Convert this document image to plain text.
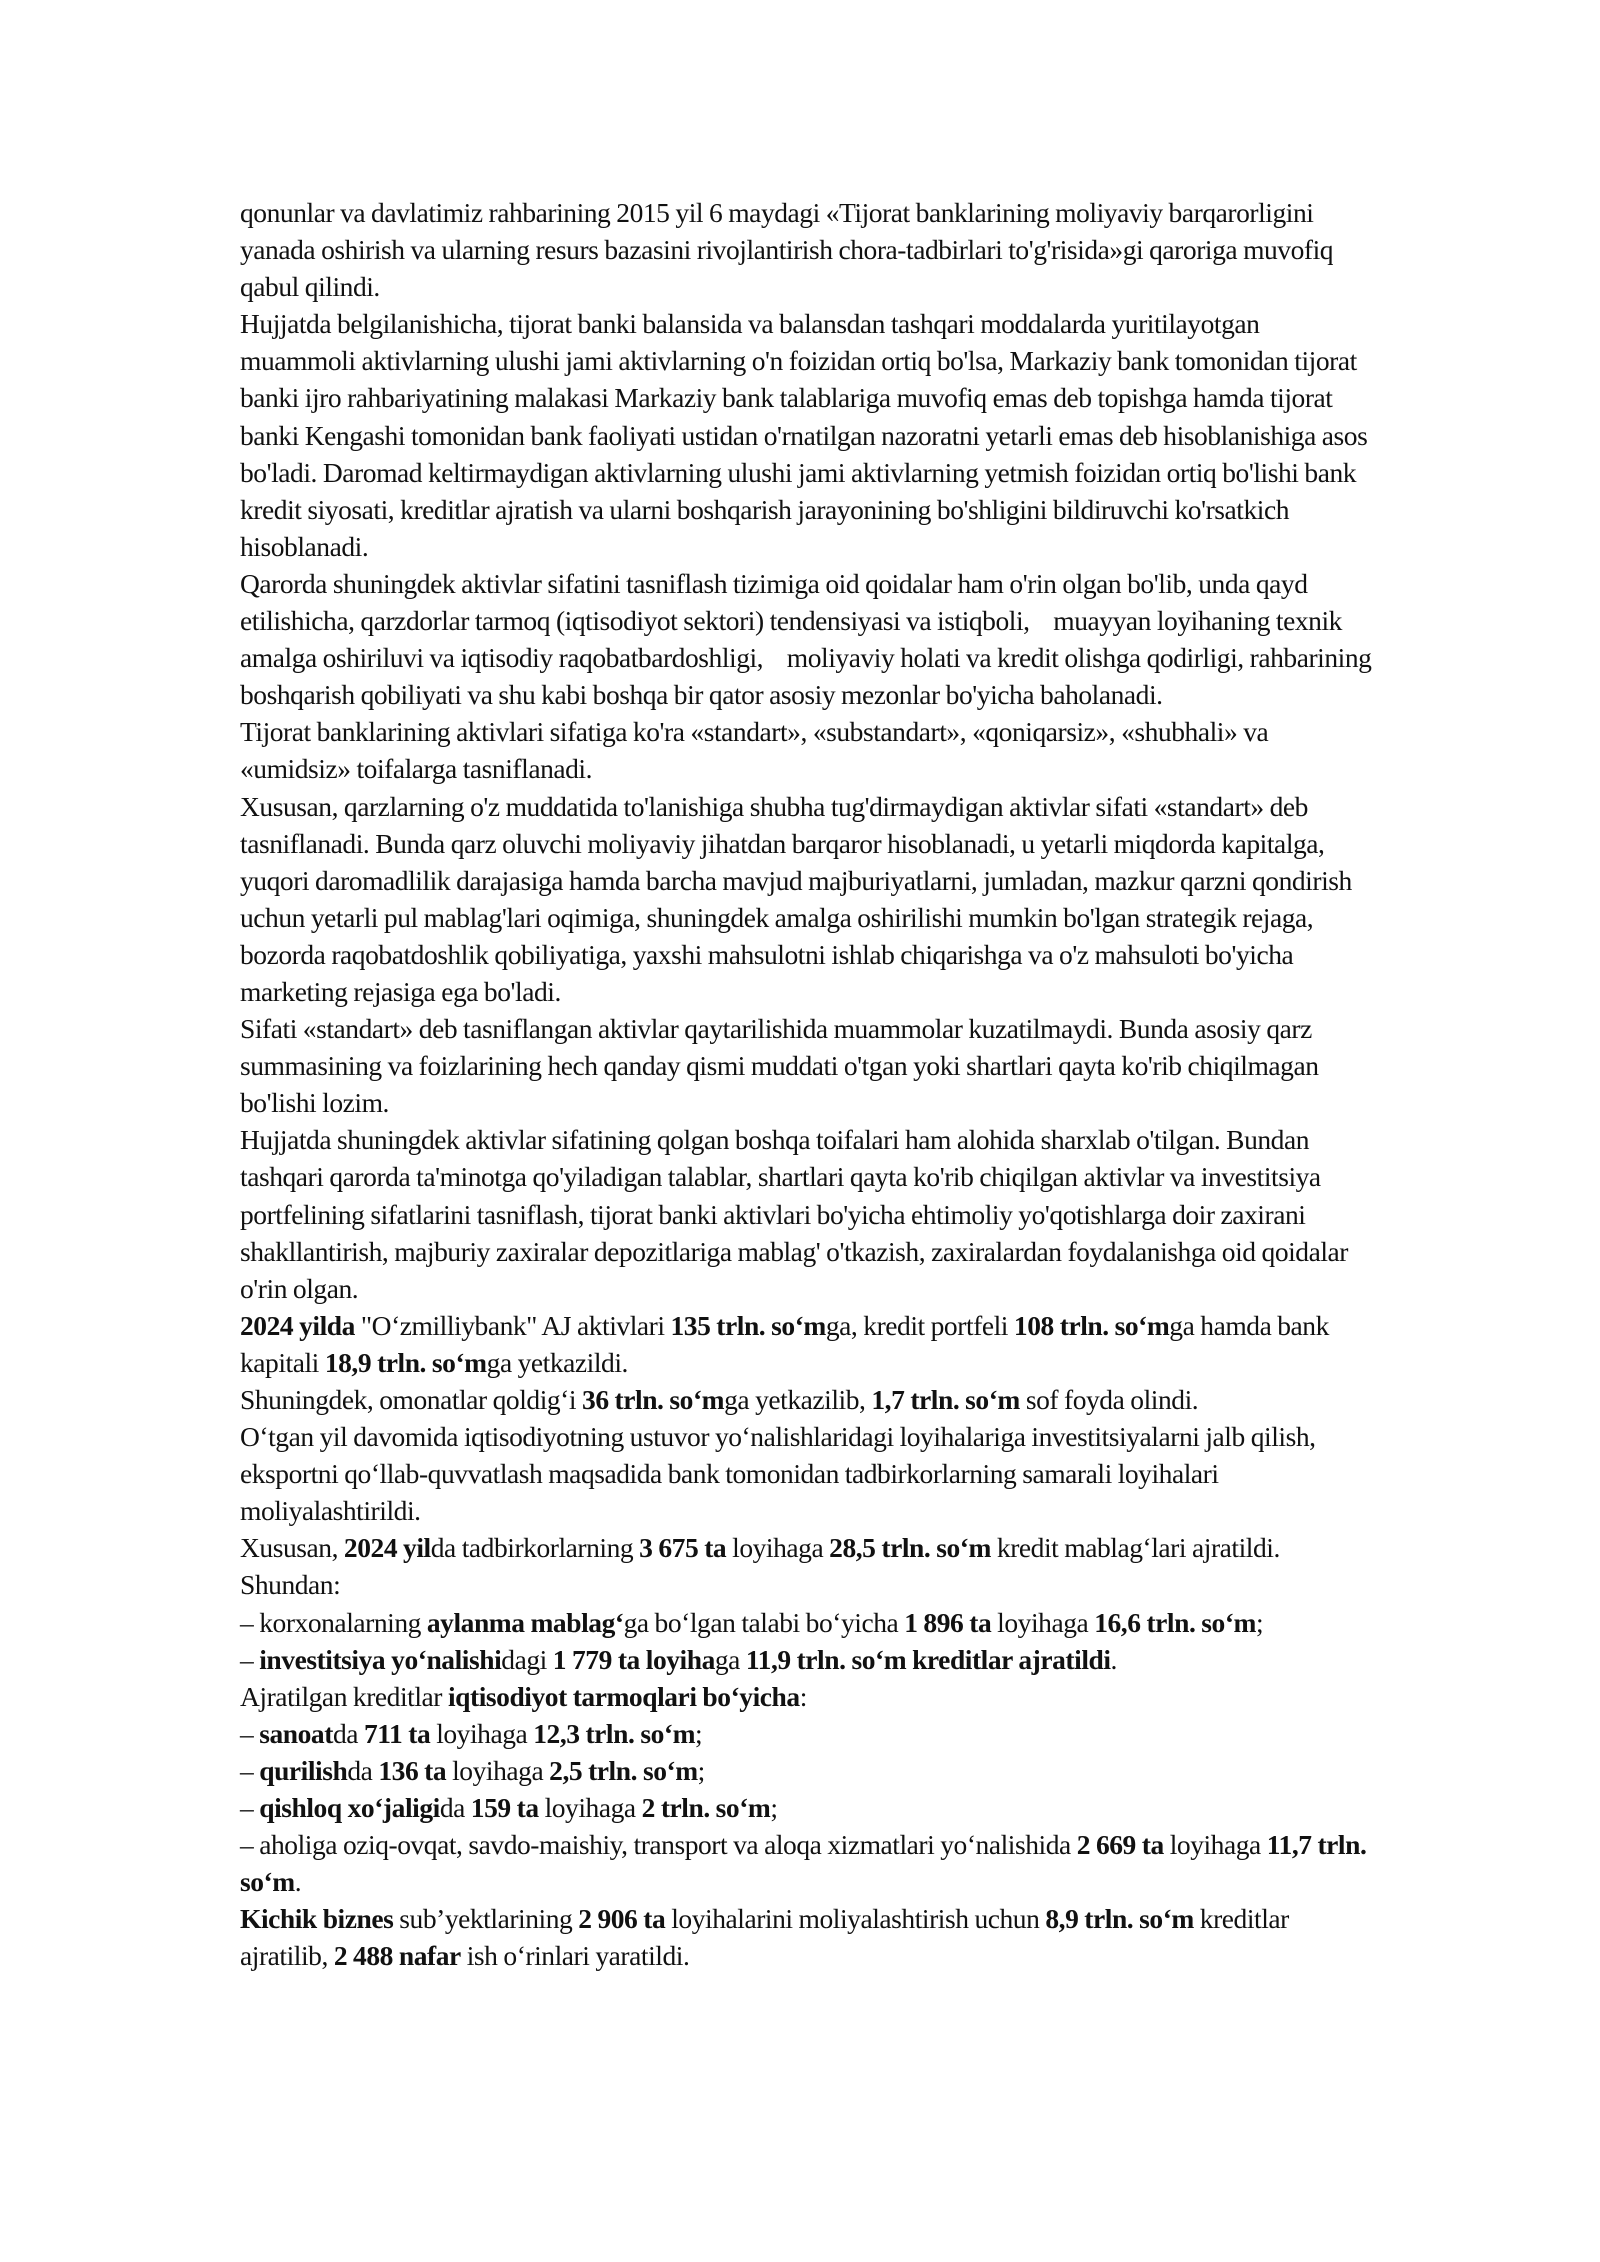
qonunlar va davlatimiz rahbarining 2015 yil 6 maydagi «Tijorat banklarining moliyaviy barqarorligini yanada oshirish va ularning resurs bazasini rivojlantirish chora-tadbirlari to'g'risida»gi qaroriga muvofiq qabul qilindi.

Hujjatda belgilanishicha, tijorat banki balansida va balansdan tashqari moddalarda yuritilayotgan muammoli aktivlarning ulushi jami aktivlarning o'n foizidan ortiq bo'lsa, Markaziy bank tomonidan tijorat banki ijro rahbariyatining malakasi Markaziy bank talablariga muvofiq emas deb topishga hamda tijorat banki Kengashi tomonidan bank faoliyati ustidan o'rnatilgan nazoratni yetarli emas deb hisoblanishiga asos bo'ladi. Daromad keltirmaydigan aktivlarning ulushi jami aktivlarning yetmish foizidan ortiq bo'lishi bank kredit siyosati, kreditlar ajratish va ularni boshqarish jarayonining bo'shligini bildiruvchi ko'rsatkich hisoblanadi.

Qarorda shuningdek aktivlar sifatini tasniflash tizimiga oid qoidalar ham o'rin olgan bo'lib, unda qayd etilishicha, qarzdorlar tarmoq (iqtisodiyot sektori) tendensiyasi va istiqboli,    muayyan loyihaning texnik amalga oshiriluvi va iqtisodiy raqobatbardoshligi,    moliyaviy holati va kredit olishga qodirligi, rahbarining boshqarish qobiliyati va shu kabi boshqa bir qator asosiy mezonlar bo'yicha baholanadi.

Tijorat banklarining aktivlari sifatiga ko'ra «standart», «substandart», «qoniqarsiz», «shubhali» va «umidsiz» toifalarga tasniflanadi.

Xususan, qarzlarning o'z muddatida to'lanishiga shubha tug'dirmaydigan aktivlar sifati «standart» deb tasniflanadi. Bunda qarz oluvchi moliyaviy jihatdan barqaror hisoblanadi, u yetarli miqdorda kapitalga, yuqori daromadlilik darajasiga hamda barcha mavjud majburiyatlarni, jumladan, mazkur qarzni qondirish uchun yetarli pul mablag'lari oqimiga, shuningdek amalga oshirilishi mumkin bo'lgan strategik rejaga, bozorda raqobatdoshlik qobiliyatiga, yaxshi mahsulotni ishlab chiqarishga va o'z mahsuloti bo'yicha marketing rejasiga ega bo'ladi.

Sifati «standart» deb tasniflangan aktivlar qaytarilishida muammolar kuzatilmaydi. Bunda asosiy qarz summasining va foizlarining hech qanday qismi muddati o'tgan yoki shartlari qayta ko'rib chiqilmagan bo'lishi lozim.

Hujjatda shuningdek aktivlar sifatining qolgan boshqa toifalari ham alohida sharxlab o'tilgan. Bundan tashqari qarorda ta'minotga qo'yiladigan talablar, shartlari qayta ko'rib chiqilgan aktivlar va investitsiya portfelining sifatlarini tasniflash, tijorat banki aktivlari bo'yicha ehtimoliy yo'qotishlarga doir zaxirani shakllantirish, majburiy zaxiralar depozitlariga mablag' o'tkazish, zaxiralardan foydalanishga oid qoidalar o'rin olgan.

2024 yilda "O‘zmilliybank" AJ aktivlari 135 trln. so‘mga, kredit portfeli 108 trln. so‘mga hamda bank kapitali 18,9 trln. so‘mga yetkazildi.

Shuningdek, omonatlar qoldig‘i 36 trln. so‘mga yetkazilib, 1,7 trln. so‘m sof foyda olindi.

O‘tgan yil davomida iqtisodiyotning ustuvor yo‘nalishlaridagi loyihalariga investitsiyalarni jalb qilish, eksportni qo‘llab-quvvatlash maqsadida bank tomonidan tadbirkorlarning samarali loyihalari moliyalashtirildi.

Xususan, 2024 yilda tadbirkorlarning 3 675 ta loyihaga 28,5 trln. so‘m kredit mablag‘lari ajratildi. Shundan:

– korxonalarning aylanma mablag‘ga bo‘lgan talabi bo‘yicha 1 896 ta loyihaga 16,6 trln. so‘m;

– investitsiya yo‘nalishidagi 1 779 ta loyihaga 11,9 trln. so‘m kreditlar ajratildi.

Ajratilgan kreditlar iqtisodiyot tarmoqlari bo‘yicha:

– sanoatda 711 ta loyihaga 12,3 trln. so‘m;

– qurilishda 136 ta loyihaga 2,5 trln. so‘m;

– qishloq xo‘jaligida 159 ta loyihaga 2 trln. so‘m;

– aholiga oziq-ovqat, savdo-maishiy, transport va aloqa xizmatlari yo‘nalishida 2 669 ta loyihaga 11,7 trln. so‘m.

Kichik biznes sub’yektlarining 2 906 ta loyihalarini moliyalashtirish uchun 8,9 trln. so‘m kreditlar ajratilib, 2 488 nafar ish o‘rinlari yaratildi.
